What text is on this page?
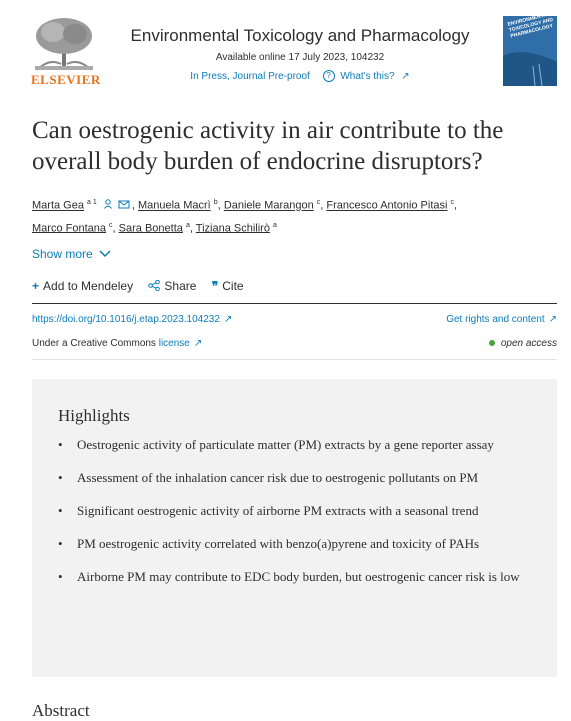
ELSEVIER
Environmental Toxicology and Pharmacology
Available online 17 July 2023, 104232
In Press, Journal Pre-proof ? What's this? ↗
ENVIRONMENTAL TOXICOLOGY AND PHARMACOLOGY
Can oestrogenic activity in air contribute to the overall body burden of endocrine disruptors?
Marta Gea $^{a 1}$	, Manuela Macrì $^b$, Daniele Marangon $^c$, Francesco Antonio Pitasi $^c$,
Marco Fontana $^c$, Sara Bonetta $^a$, Tiziana Schilirò $^a$
Show more
+ Add to Mendeley	Share ❞ Cite
https://doi.org/10.1016/j.etap.2023.104232 ↗	Get rights and content ↗
Under a Creative Commons license ↗	open access
Highlights
• Oestrogenic activity of particulate matter (PM) extracts by a gene reporter assay
• Assessment of the inhalation cancer risk due to oestrogenic pollutants on PM
• Significant oestrogenic activity of airborne PM extracts with a seasonal trend
• PM oestrogenic activity correlated with benzo(a)pyrene and toxicity of PAHs
• Airborne PM may contribute to EDC body burden, but oestrogenic cancer risk is low
Abstract
